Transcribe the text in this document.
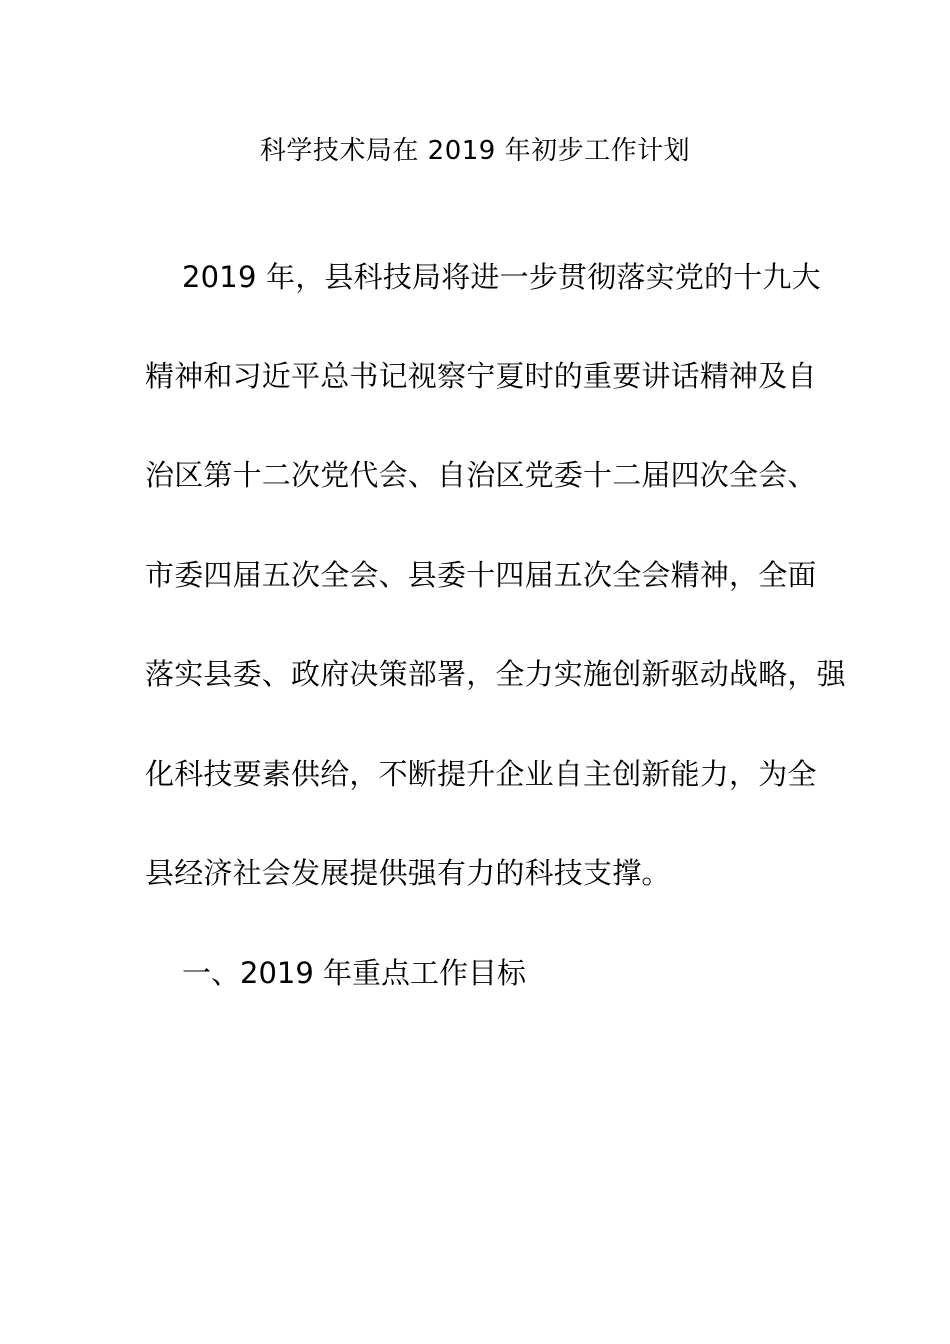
科学技术局在 2019 年初步工作计划
2019 年，县科技局将进一步贯彻落实党的十九大
精神和习近平总书记视察宁夏时的重要讲话精神及自
治区第十二次党代会、自治区党委十二届四次全会、
市委四届五次全会、县委十四届五次全会精神，全面
落实县委、政府决策部署，全力实施创新驱动战略，强
化科技要素供给，不断提升企业自主创新能力，为全
县经济社会发展提供强有力的科技支撑。
一、2019 年重点工作目标
